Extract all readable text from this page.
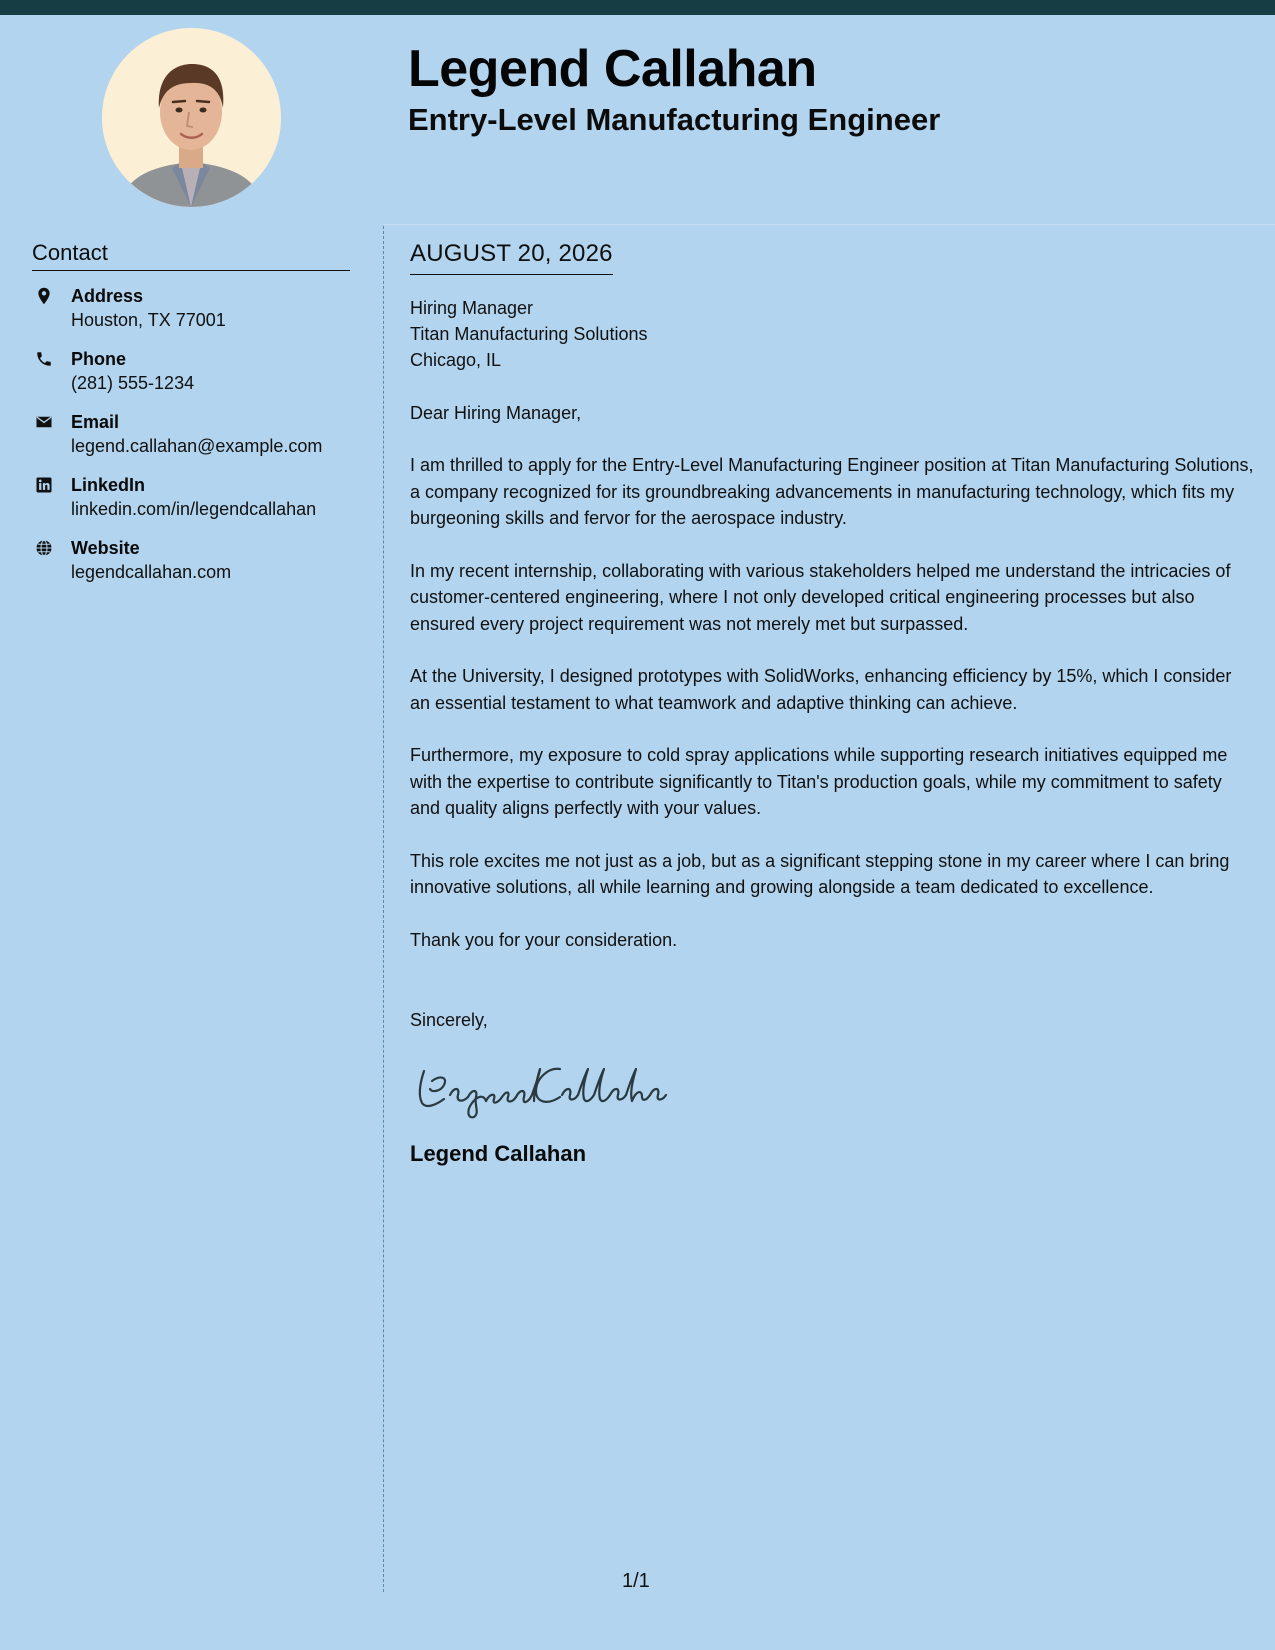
Legend Callahan
Entry-Level Manufacturing Engineer
Contact
Address
Houston, TX 77001
Phone
(281) 555-1234
Email
legend.callahan@example.com
LinkedIn
linkedin.com/in/legendcallahan
Website
legendcallahan.com
AUGUST 20, 2026
Hiring Manager
Titan Manufacturing Solutions
Chicago, IL
Dear Hiring Manager,

I am thrilled to apply for the Entry-Level Manufacturing Engineer position at Titan Manufacturing Solutions, a company recognized for its groundbreaking advancements in manufacturing technology, which fits my burgeoning skills and fervor for the aerospace industry.

In my recent internship, collaborating with various stakeholders helped me understand the intricacies of customer-centered engineering, where I not only developed critical engineering processes but also ensured every project requirement was not merely met but surpassed.

At the University, I designed prototypes with SolidWorks, enhancing efficiency by 15%, which I consider an essential testament to what teamwork and adaptive thinking can achieve.

Furthermore, my exposure to cold spray applications while supporting research initiatives equipped me with the expertise to contribute significantly to Titan's production goals, while my commitment to safety and quality aligns perfectly with your values.

This role excites me not just as a job, but as a significant stepping stone in my career where I can bring innovative solutions, all while learning and growing alongside a team dedicated to excellence.

Thank you for your consideration.

Sincerely,
Legend Callahan
1/1
